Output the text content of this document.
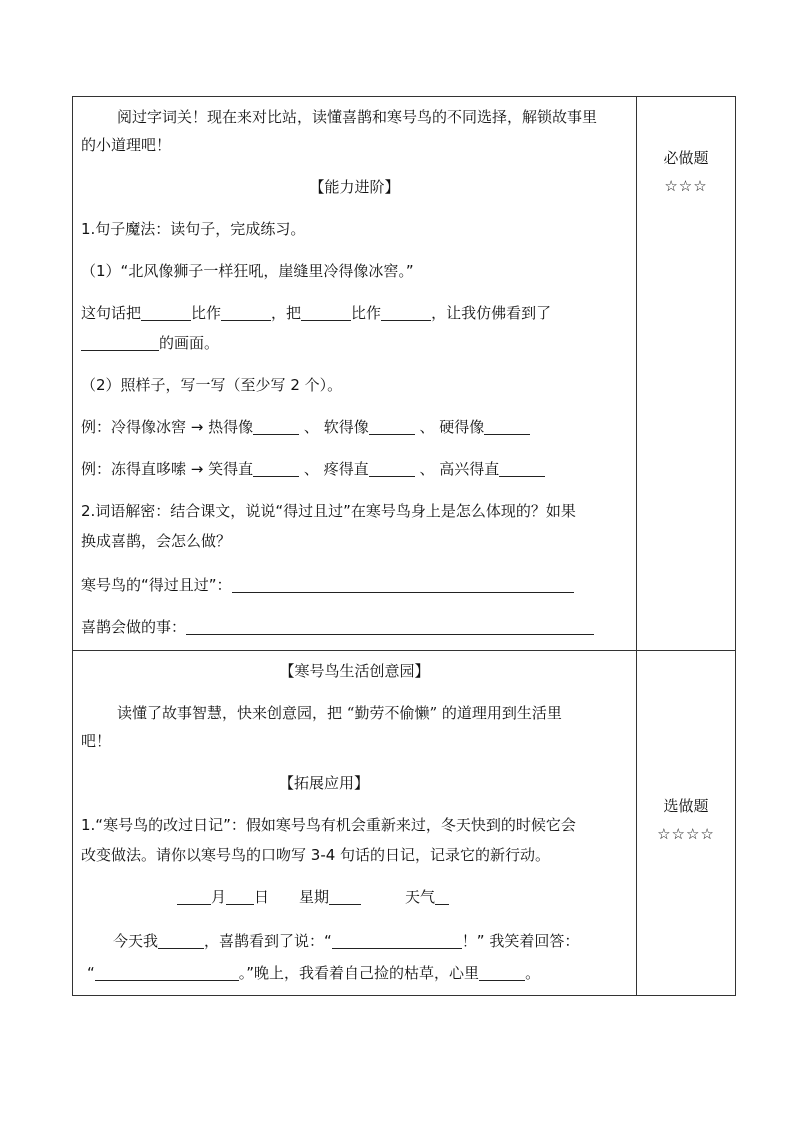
阅过字词关！现在来对比站，读懂喜鹊和寒号鸟的不同选择，解锁故事里
的小道理吧！
【能力进阶】
1.句子魔法：读句子，完成练习。
（1）“北风像狮子一样狂吼，崖缝里冷得像冰窖。”
这句话把	比作	，把	比作	，让我仿佛看到了
的画面。
（2）照样子，写一写（至少写 2 个）。
例：冷得像冰窖 → 热得像	、 软得像	、 硬得像
例：冻得直哆嗦 → 笑得直	、 疼得直	、 高兴得直
2.词语解密：结合课文，说说“得过且过”在寒号鸟身上是怎么体现的？如果
换成喜鹊，会怎么做？
寒号鸟的“得过且过”：
喜鹊会做的事：
必做题
☆☆☆
【寒号鸟生活创意园】
读懂了故事智慧，快来创意园，把 “勤劳不偷懒” 的道理用到生活里
吧！
【拓展应用】
1.“寒号鸟的改过日记”：假如寒号鸟有机会重新来过，冬天快到的时候它会
改变做法。请你以寒号鸟的口吻写 3-4 句话的日记，记录它的新行动。
月 日 星期	天气
今天我	，喜鹊看到了说：“	！” 我笑着回答：
“	。”晚上，我看着自己捡的枯草，心里	。
选做题
☆☆☆☆
